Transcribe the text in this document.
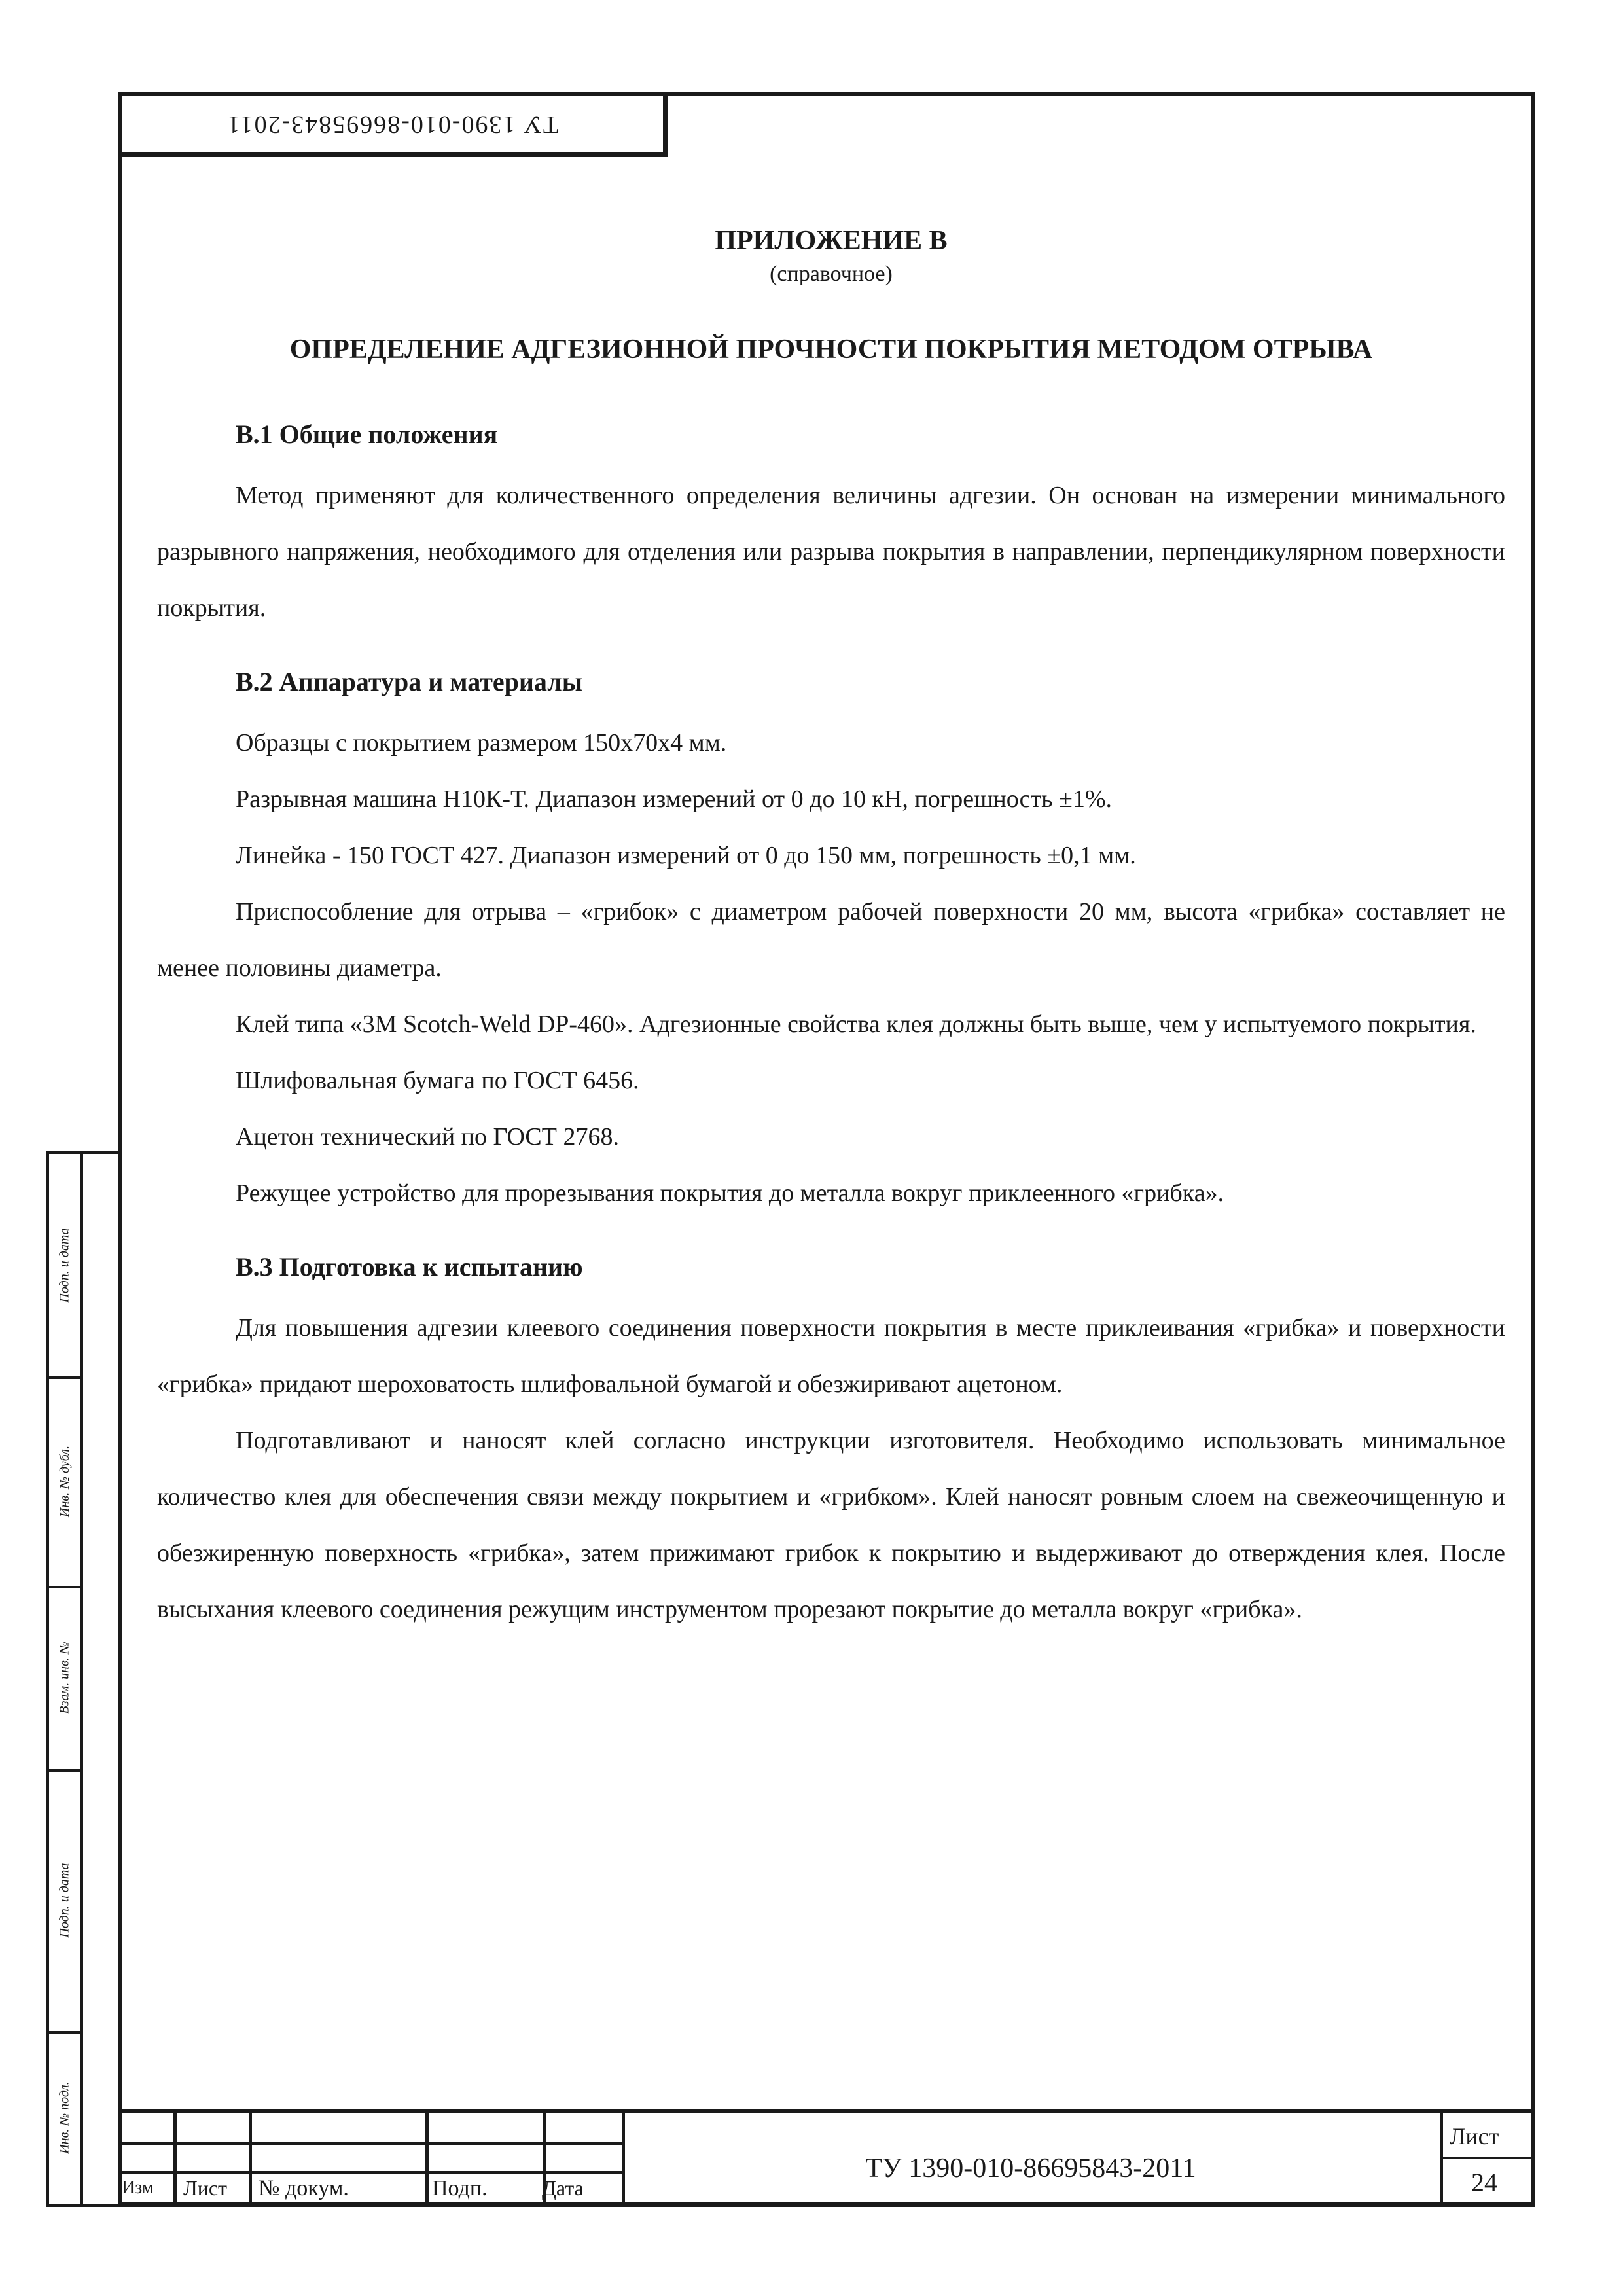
ТУ 1390-010-86695843-2011
Подп. и дата
Инв. № дубл.
Взам. инв. №
Подп. и дата
Инв. № подл.

ПРИЛОЖЕНИЕ В

(справочное)

ОПРЕДЕЛЕНИЕ АДГЕЗИОННОЙ ПРОЧНОСТИ ПОКРЫТИЯ МЕТОДОМ ОТРЫВА
В.1 Общие положения

Метод применяют для количественного определения величины адгезии. Он основан на измерении минимального разрывного напряжения, необходимого для отделения или разрыва покрытия в направлении, перпендикулярном поверхности покрытия.

В.2 Аппаратура и материалы

Образцы с покрытием размером 150х70х4 мм.

Разрывная машина Н10К-Т. Диапазон измерений от 0 до 10 кН, погрешность ±1%.

Линейка - 150 ГОСТ 427. Диапазон измерений от 0 до 150 мм, погрешность ±0,1 мм.

Приспособление для отрыва – «грибок» с диаметром рабочей поверхности 20 мм, высота «грибка» составляет не менее половины диаметра.

Клей типа «3M Scotch-Weld DP-460». Адгезионные свойства клея должны быть выше, чем у испытуемого покрытия.

Шлифовальная бумага по ГОСТ 6456.

Ацетон технический по ГОСТ 2768.

Режущее устройство для прорезывания покрытия до металла вокруг приклеенного «грибка».

В.3 Подготовка к испытанию

Для повышения адгезии клеевого соединения поверхности покрытия в месте приклеивания «грибка» и поверхности «грибка» придают шероховатость шлифовальной бумагой и обезжиривают ацетоном.

Подготавливают и наносят клей согласно инструкции изготовителя. Необходимо использовать минимальное количество клея для обеспечения связи между покрытием и «грибком». Клей наносят ровным слоем на свежеочищенную и обезжиренную поверхность «грибка», затем прижимают грибок к покрытию и выдерживают до отверждения клея. После высыхания клеевого соединения режущим инструментом прорезают покрытие до металла вокруг «грибка».

Изм Лист № докум.	Подп.	Дата
ТУ 1390-010-86695843-2011
Лист
24
